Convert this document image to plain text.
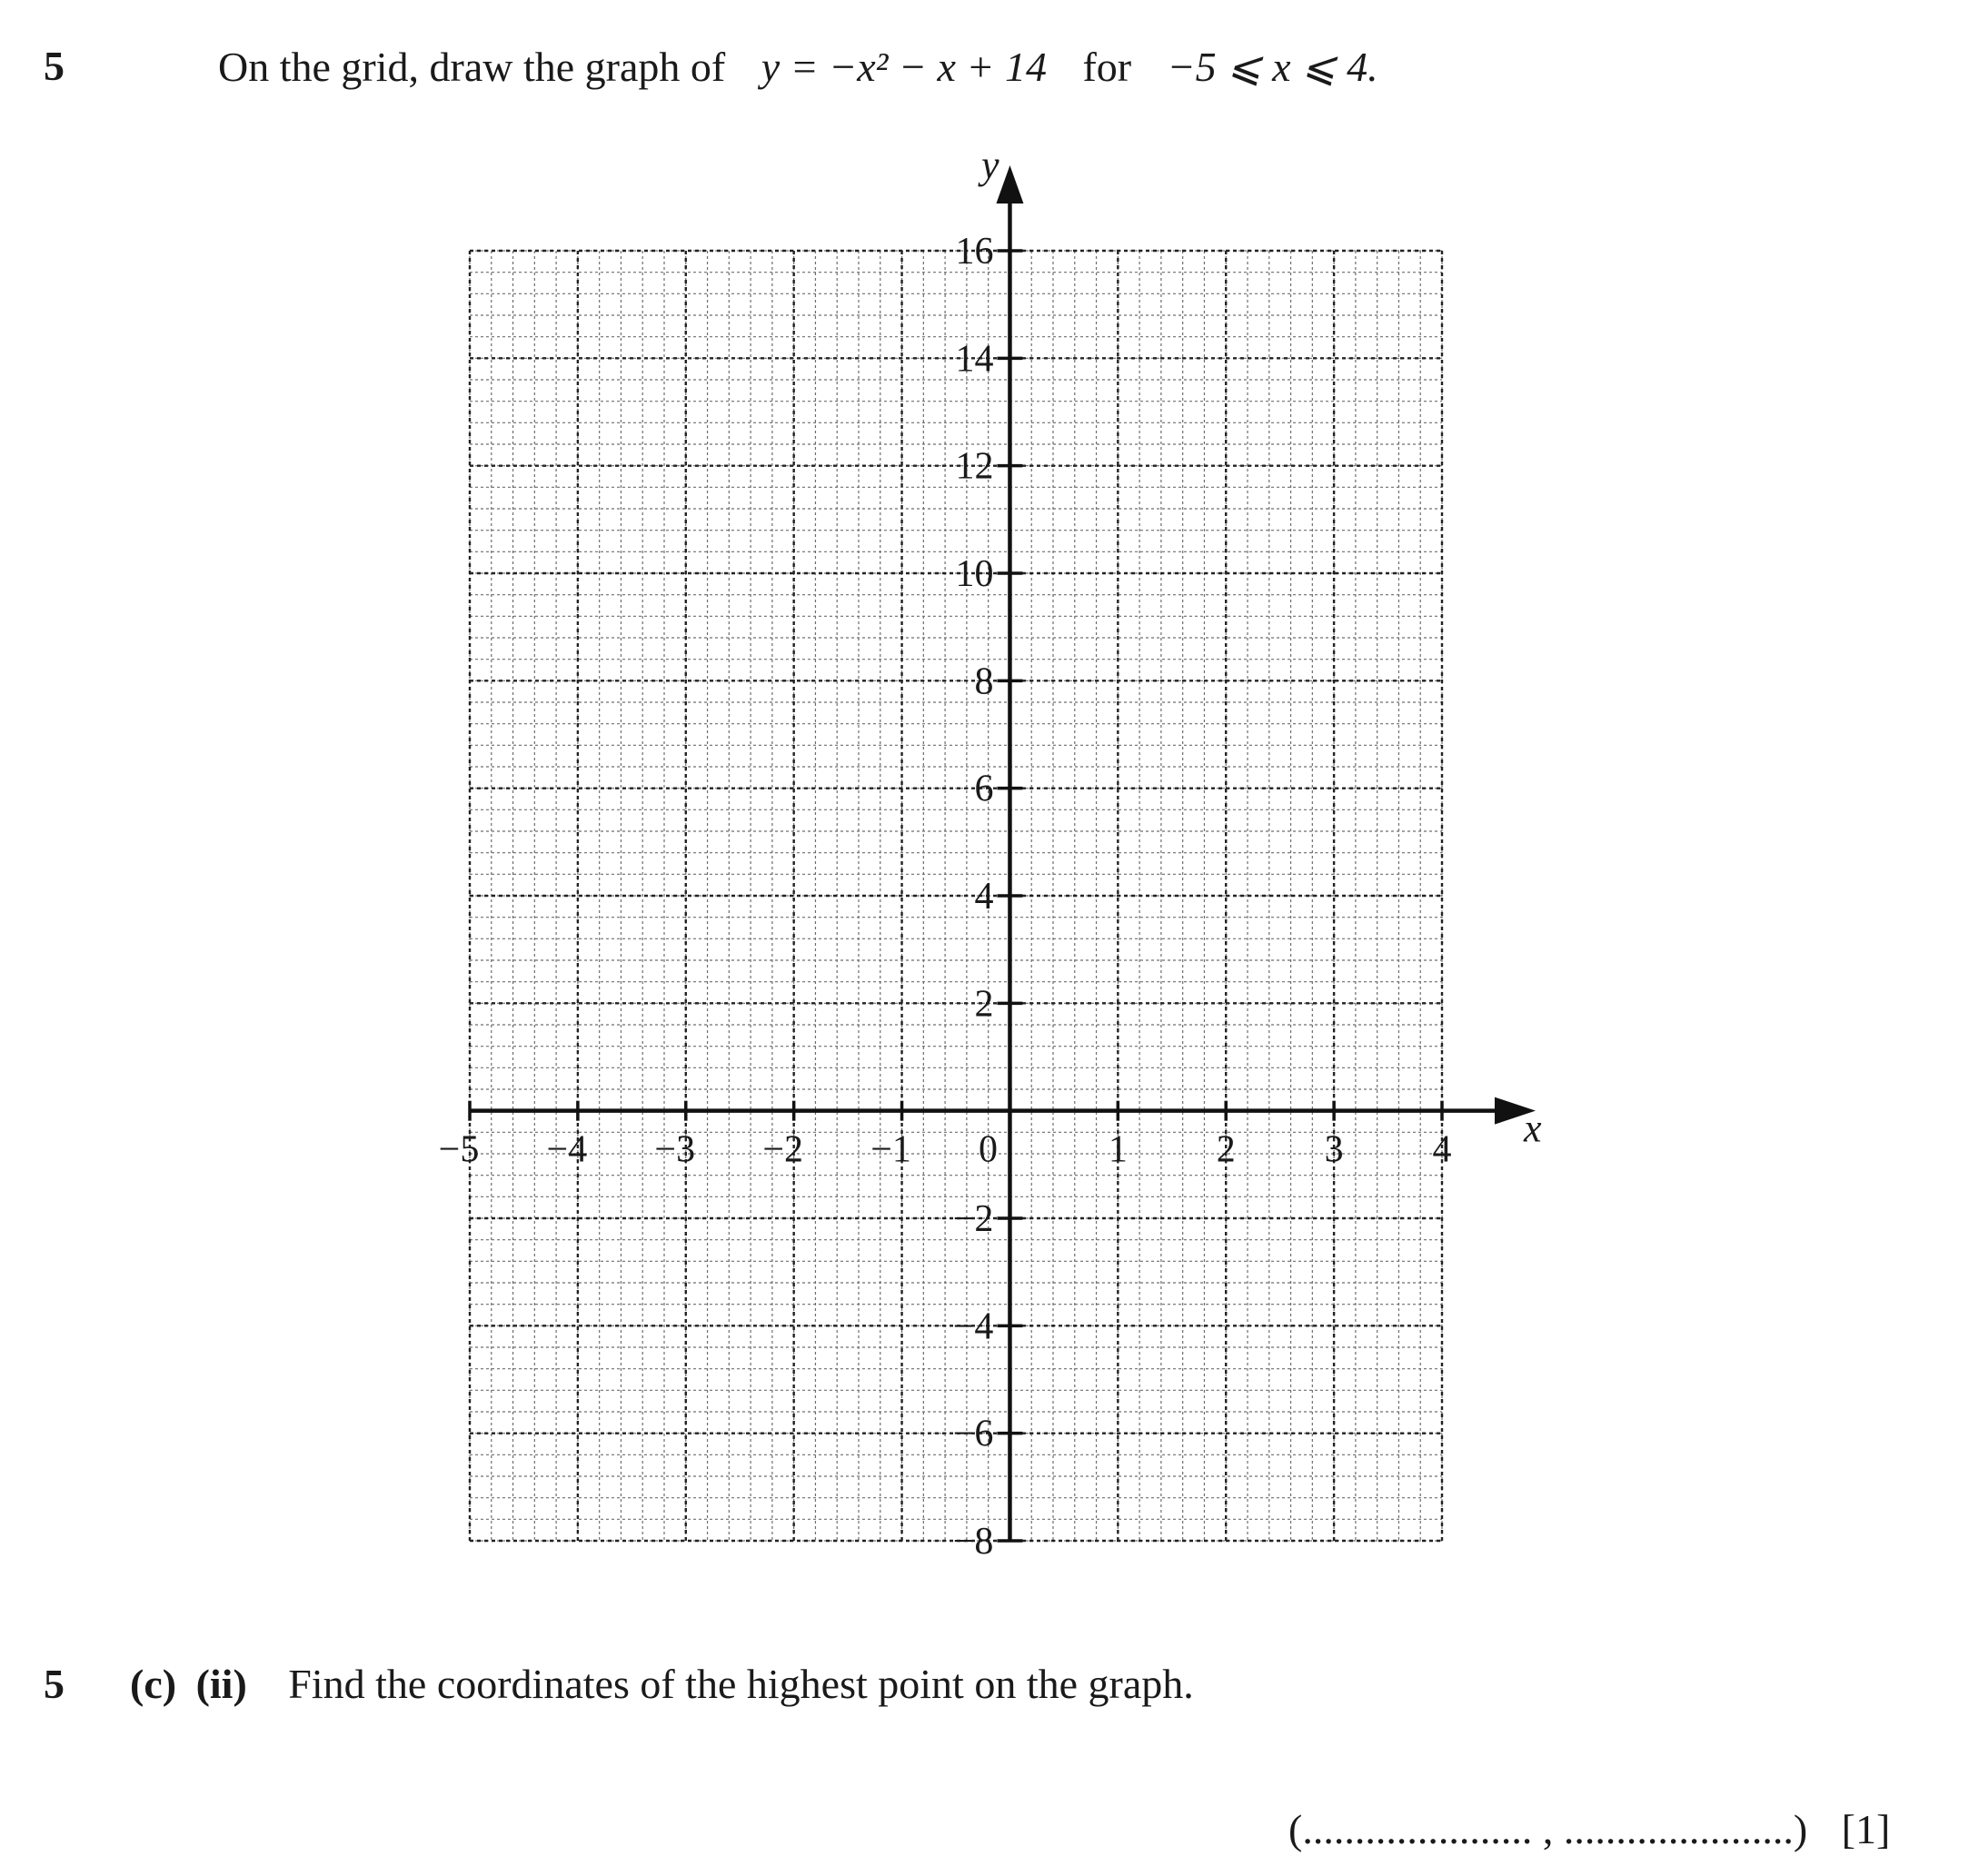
5	On the grid, draw the graph of y = −x² − x + 14 for −5 ⩽ x ⩽ 4.
x
y
−5 −4 −3 −2 −1 0	1 2 3 4
−8
−6
−4
−2
2
4
6
8
10
12
14
16
5 (c) (ii) Find the coordinates of the highest point on the graph.
(...................... , ......................) [1]
